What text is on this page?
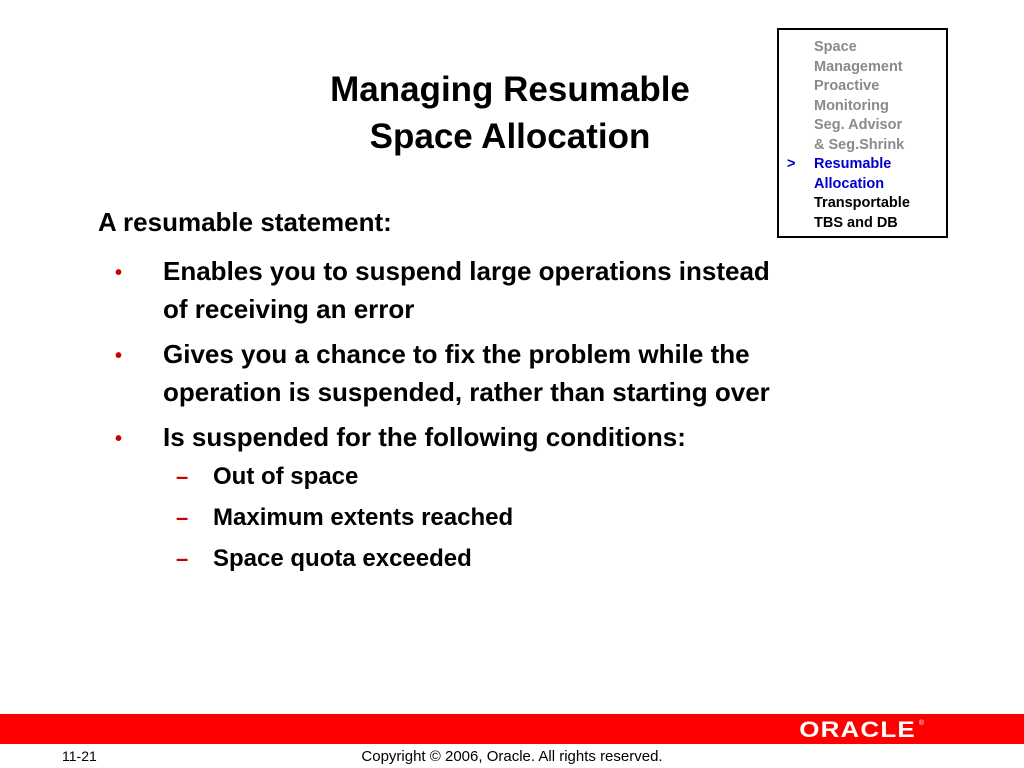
Managing Resumable
Space Allocation
Space
Management
Proactive
Monitoring
Seg. Advisor
& Seg.Shrink
> Resumable
Allocation
Transportable
TBS and DB
A resumable statement:
• Enables you to suspend large operations instead
of receiving an error
• Gives you a chance to fix the problem while the
operation is suspended, rather than starting over
• Is suspended for the following conditions:
– Out of space
– Maximum extents reached
– Space quota exceeded
ORACLE ®
11-21	Copyright © 2006, Oracle. All rights reserved.
